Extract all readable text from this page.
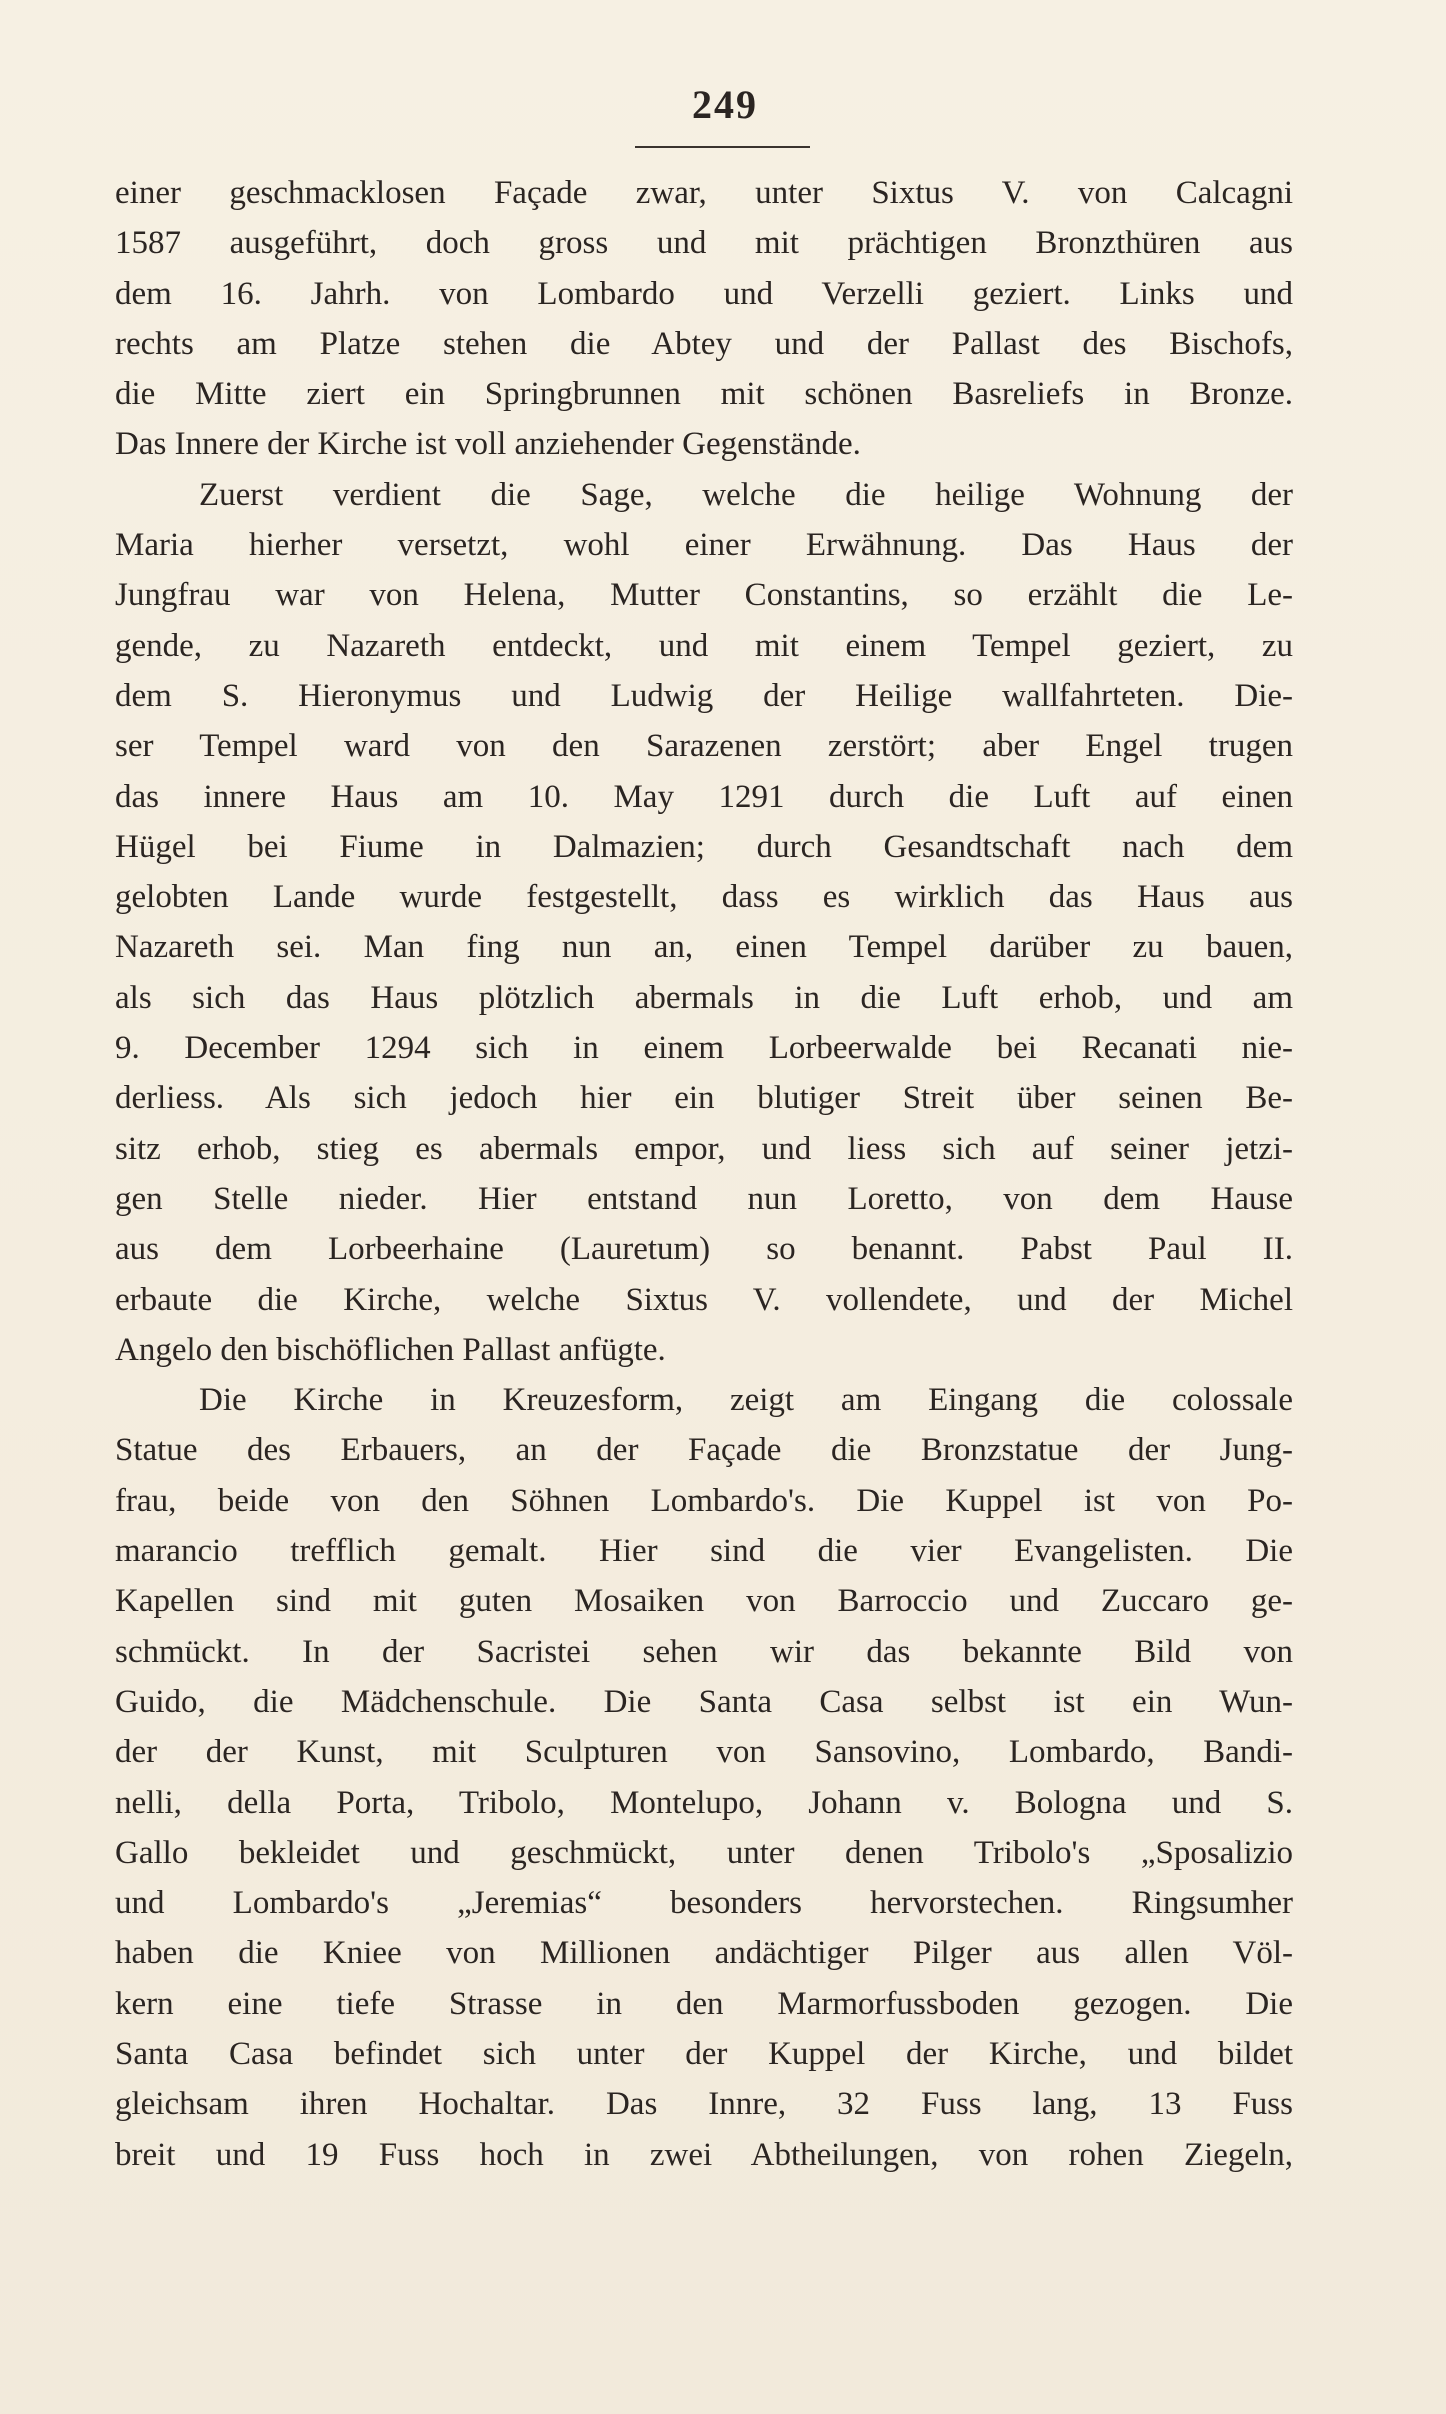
249
einer geschmacklosen Façade zwar, unter Sixtus V. von Calcagni
1587 ausgeführt, doch gross und mit prächtigen Bronzthüren aus
dem 16. Jahrh. von Lombardo und Verzelli geziert. Links und
rechts am Platze stehen die Abtey und der Pallast des Bischofs,
die Mitte ziert ein Springbrunnen mit schönen Basreliefs in Bronze.
Das Innere der Kirche ist voll anziehender Gegenstände.
Zuerst verdient die Sage, welche die heilige Wohnung der
Maria hierher versetzt, wohl einer Erwähnung. Das Haus der
Jungfrau war von Helena, Mutter Constantins, so erzählt die Le-
gende, zu Nazareth entdeckt, und mit einem Tempel geziert, zu
dem S. Hieronymus und Ludwig der Heilige wallfahrteten. Die-
ser Tempel ward von den Sarazenen zerstört; aber Engel trugen
das innere Haus am 10. May 1291 durch die Luft auf einen
Hügel bei Fiume in Dalmazien; durch Gesandtschaft nach dem
gelobten Lande wurde festgestellt, dass es wirklich das Haus aus
Nazareth sei. Man fing nun an, einen Tempel darüber zu bauen,
als sich das Haus plötzlich abermals in die Luft erhob, und am
9. December 1294 sich in einem Lorbeerwalde bei Recanati nie-
derliess. Als sich jedoch hier ein blutiger Streit über seinen Be-
sitz erhob, stieg es abermals empor, und liess sich auf seiner jetzi-
gen Stelle nieder. Hier entstand nun Loretto, von dem Hause
aus dem Lorbeerhaine (Lauretum) so benannt. Pabst Paul II.
erbaute die Kirche, welche Sixtus V. vollendete, und der Michel
Angelo den bischöflichen Pallast anfügte.
Die Kirche in Kreuzesform, zeigt am Eingang die colossale
Statue des Erbauers, an der Façade die Bronzstatue der Jung-
frau, beide von den Söhnen Lombardo's. Die Kuppel ist von Po-
marancio trefflich gemalt. Hier sind die vier Evangelisten. Die
Kapellen sind mit guten Mosaiken von Barroccio und Zuccaro ge-
schmückt. In der Sacristei sehen wir das bekannte Bild von
Guido, die Mädchenschule. Die Santa Casa selbst ist ein Wun-
der der Kunst, mit Sculpturen von Sansovino, Lombardo, Bandi-
nelli, della Porta, Tribolo, Montelupo, Johann v. Bologna und S.
Gallo bekleidet und geschmückt, unter denen Tribolo's „Sposalizio
und Lombardo's „Jeremias“ besonders hervorstechen. Ringsumher
haben die Kniee von Millionen andächtiger Pilger aus allen Völ-
kern eine tiefe Strasse in den Marmorfussboden gezogen. Die
Santa Casa befindet sich unter der Kuppel der Kirche, und bildet
gleichsam ihren Hochaltar. Das Innre, 32 Fuss lang, 13 Fuss
breit und 19 Fuss hoch in zwei Abtheilungen, von rohen Ziegeln,
